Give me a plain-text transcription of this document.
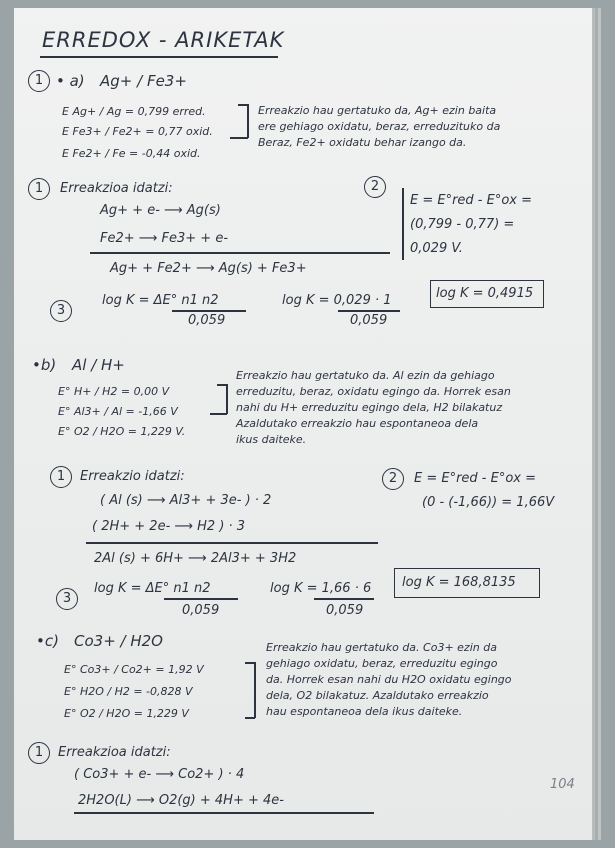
ERREDOX - ARIKETAK
1 • a) Ag+ / Fe3+
E Ag+ / Ag = 0,799 erred.
E Fe3+ / Fe2+ = 0,77 oxid.
E Fe2+ / Fe = -0,44 oxid.
Erreakzio hau gertatuko da, Ag+ ezin baita
ere gehiago oxidatu, beraz, erreduzituko da
Beraz, Fe2+ oxidatu behar izango da.
1	Erreakzioa idatzi:
Ag+ + e- ⟶ Ag(s)
Fe2+ ⟶ Fe3+ + e-
Ag+ + Fe2+ ⟶ Ag(s) + Fe3+
2
E = E°red - E°ox =
(0,799 - 0,77) =
0,029 V.
3
log K = ΔE° n1 n2
0,059
log K = 0,029 · 1
0,059
log K = 0,4915
•b) Al / H+
E° H+ / H2 = 0,00 V
E° Al3+ / Al = -1,66 V
E° O2 / H2O = 1,229 V.
Erreakzio hau gertatuko da. Al ezin da gehiago
erreduzitu, beraz, oxidatu egingo da. Horrek esan
nahi du H+ erreduzitu egingo dela, H2 bilakatuz
Azaldutako erreakzio hau espontaneoa dela
ikus daiteke.
1	Erreakzio idatzi:
( Al (s) ⟶ Al3+ + 3e- ) · 2
( 2H+ + 2e- ⟶ H2 ) · 3
2Al (s) + 6H+ ⟶ 2Al3+ + 3H2
2	E = E°red - E°ox =
(0 - (-1,66)) = 1,66V
3
log K = ΔE° n1 n2
0,059
log K = 1,66 · 6
0,059
log K = 168,8135
•c) Co3+ / H2O
E° Co3+ / Co2+ = 1,92 V
E° H2O / H2 = -0,828 V
E° O2 / H2O = 1,229 V
Erreakzio hau gertatuko da. Co3+ ezin da
gehiago oxidatu, beraz, erreduzitu egingo
da. Horrek esan nahi du H2O oxidatu egingo
dela, O2 bilakatuz. Azaldutako erreakzio
hau espontaneoa dela ikus daiteke.
1	Erreakzioa idatzi:
( Co3+ + e- ⟶ Co2+ ) · 4
2H2O(L) ⟶ O2(g) + 4H+ + 4e-
104
